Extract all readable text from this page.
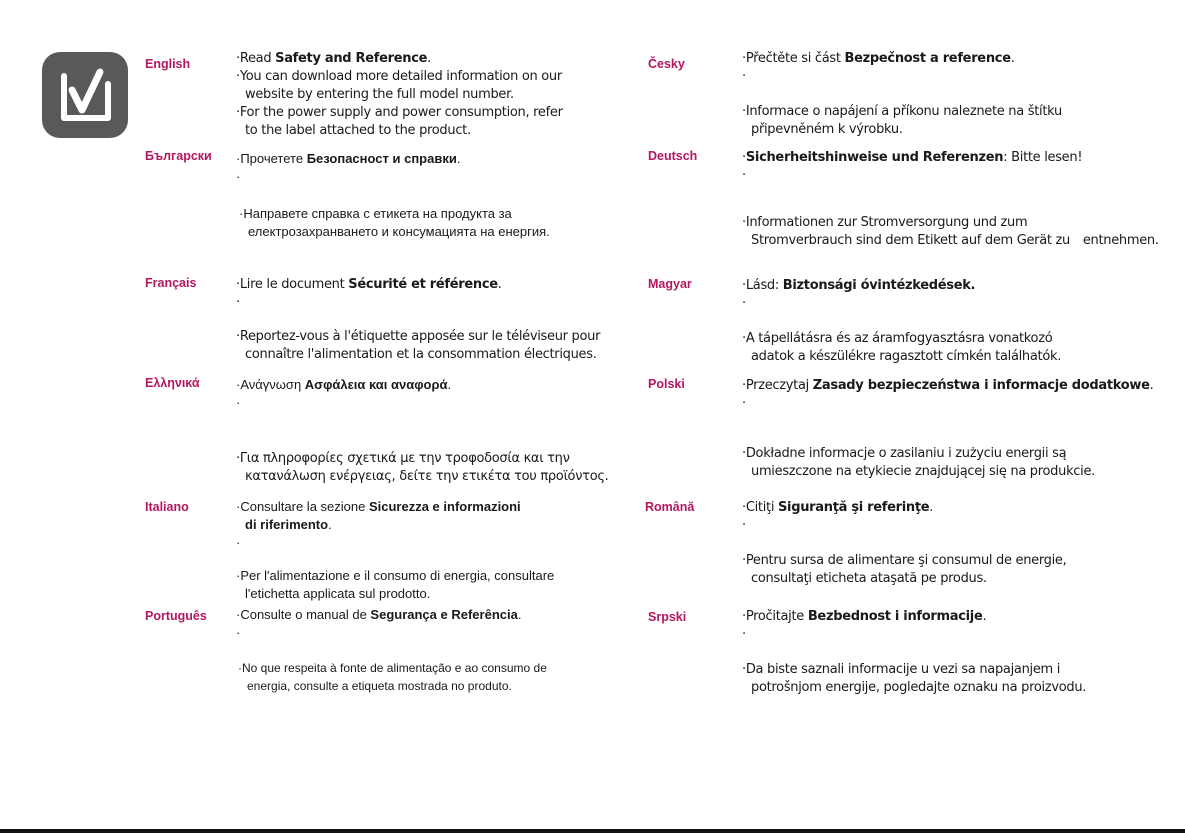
English
Български
Français
Ελληνικά
Italiano
Português
Česky
Deutsch
Magyar
Polski
Română
Srpski
·Read Safety and Reference.
·You can download more detailed information on our
website by entering the full model number.
·For the power supply and power consumption, refer
to the label attached to the product.
·Прочетете Безопасност и справки.
·
·Направете справка с етикета на продукта за
електрозахранването и консумацията на енергия.
·Lire le document Sécurité et référence.
·
·Reportez-vous à l'étiquette apposée sur le téléviseur pour
connaître l'alimentation et la consommation électriques.
·Ανάγνωση Ασφάλεια και αναφορά.
·
·Για πληροφορίες σχετικά με την τροφοδοσία και την
κατανάλωση ενέργειας, δείτε την ετικέτα του προϊόντος.
·Consultare la sezione Sicurezza e informazioni
di riferimento.
·
·Per l'alimentazione e il consumo di energia, consultare
l'etichetta applicata sul prodotto.
·Consulte o manual de Segurança e Referência.
·
·No que respeita à fonte de alimentação e ao consumo de
energia, consulte a etiqueta mostrada no produto.
·Přečtěte si část Bezpečnost a reference.
·
·Informace o napájení a příkonu naleznete na štítku
připevněném k výrobku.
·Sicherheitshinweise und Referenzen: Bitte lesen!
·
·Informationen zur Stromversorgung und zum
Stromverbrauch sind dem Etikett auf dem Gerät zu entnehmen.
·Lásd: Biztonsági óvintézkedések.
·
·A tápellátásra és az áramfogyasztásra vonatkozó
adatok a készülékre ragasztott címkén találhatók.
·Przeczytaj Zasady bezpieczeństwa i informacje dodatkowe.
·
·Dokładne informacje o zasilaniu i zużyciu energii są
umieszczone na etykiecie znajdującej się na produkcie.
·Citiţi Siguranţă şi referinţe.
·
·Pentru sursa de alimentare şi consumul de energie,
consultaţi eticheta ataşată pe produs.
·Pročitajte Bezbednost i informacije.
·
·Da biste saznali informacije u vezi sa napajanjem i
potrošnjom energije, pogledajte oznaku na proizvodu.
